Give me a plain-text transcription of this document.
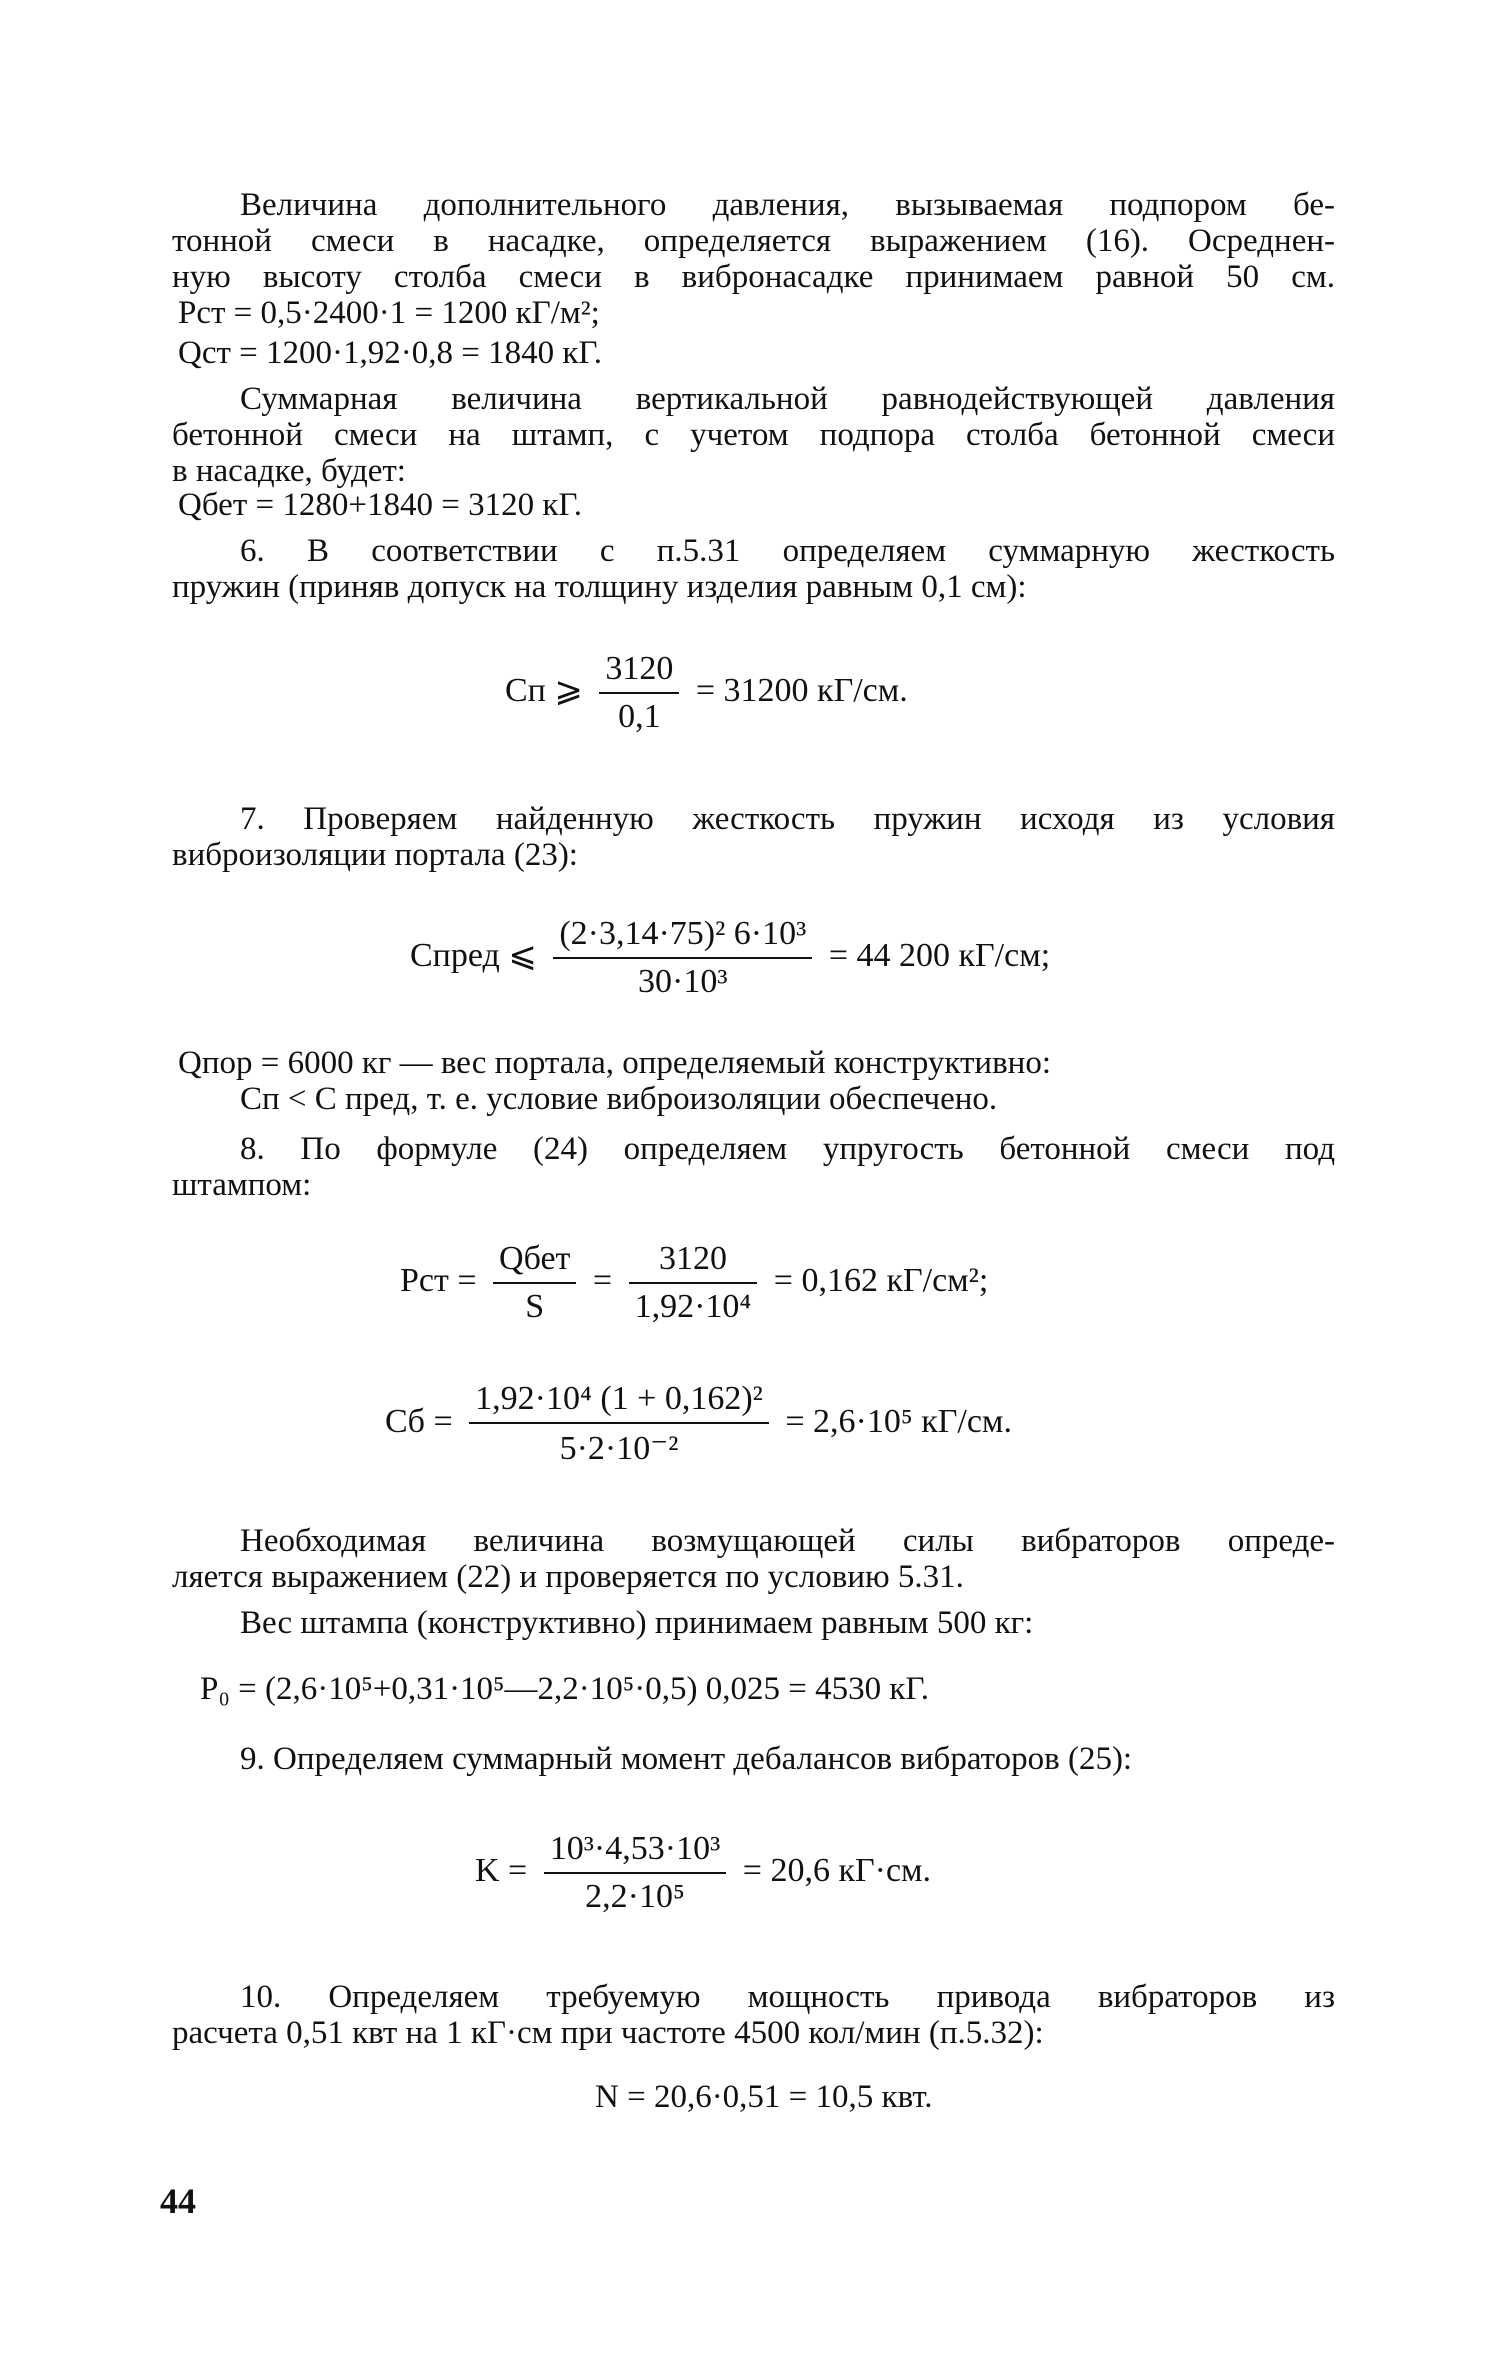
Величина дополнительного давления, вызываемая подпором бе-
тонной смеси в насадке, определяется выражением (16). Осреднен-
ную высоту столба смеси в вибронасадке принимаем равной 50 см.
Pст = 0,5·2400·1 = 1200 кГ/м²;
Qст = 1200·1,92·0,8 = 1840 кГ.
Суммарная величина вертикальной равнодействующей давления
бетонной смеси на штамп, с учетом подпора столба бетонной смеси
в насадке, будет:
Qбет = 1280+1840 = 3120 кГ.
6. В соответствии с п.5.31 определяем суммарную жесткость
пружин (приняв допуск на толщину изделия равным 0,1 см):
Cп ⩾ $\frac{3120}{0,1} = 31200$ кГ/см.
7. Проверяем найденную жесткость пружин исходя из условия
виброизоляции портала (23):
Cпред ⩽ $\frac{\text{(2·3,14·75)² 6·10³}}{\text{30·10³}} = 44$ 200 кГ/см;
Qпор = 6000 кг — вес портала, определяемый конструктивно:
Cп < C пред, т. е. условие виброизоляции обеспечено.
8. По формуле (24) определяем упругость бетонной смеси под
штампом:
Pст = $\frac{\text{Qбет}}{S} = \frac{3120}{\text{1,92·10⁴}} = 0,162$ кГ/см²;
Cб = $\frac{\text{1,92·10⁴ (1 + 0,162)²}}{\text{5·2·10⁻²}} = 2,6\cdot 10^5$ кГ/см.
Необходимая величина возмущающей силы вибраторов опреде-
ляется выражением (22) и проверяется по условию 5.31.
Вес штампа (конструктивно) принимаем равным 500 кг:
P₀ = (2,6·10⁵+0,31·10⁵—2,2·10⁵·0,5) 0,025 = 4530 кГ.
9. Определяем суммарный момент дебалансов вибраторов (25):
$K = \frac{\text{10³·4,53·10³}}{\text{2,2·10⁵}} = 20,6$ кГ·см.
10. Определяем требуемую мощность привода вибраторов из
расчета 0,51 квт на 1 кГ·см при частоте 4500 кол/мин (п.5.32):
N = 20,6·0,51 = 10,5 квт.
44
